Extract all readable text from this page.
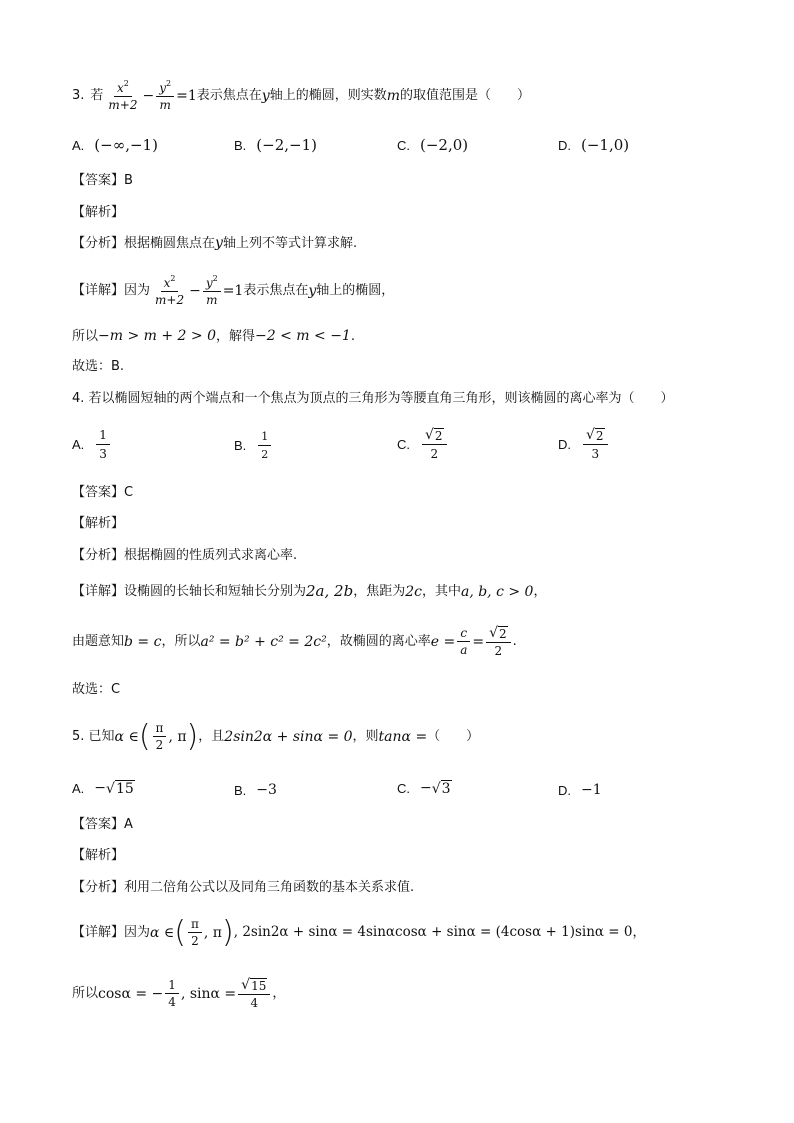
3. 若 $\frac{x^2}{m+2} - \frac{y^2}{m} =1$ 表示焦点在 y 轴上的椭圆，则实数 m 的取值范围是（　　）
A. (−∞,−1)	B. (−2,−1)	C. (−2,0)	D. (−1,0)
【答案】B
【解析】
【分析】根据椭圆焦点在 y 轴上列不等式计算求解.
【详解】因为 $\frac{x^2}{m+2} - \frac{y^2}{m} =1$ 表示焦点在 y 轴上的椭圆，
所以 −m > m + 2 > 0 ，解得 −2 < m < −1 .
故选：B.
4. 若以椭圆短轴的两个端点和一个焦点为顶点的三角形为等腰直角三角形，则该椭圆的离心率为（　　）
A. $\frac{1}{3}$	B. $\frac{1}{2}$	C. $\frac{√ 2}{2}$	D. $\frac{√ 2}{3}$
【答案】C
【解析】
【分析】根据椭圆的性质列式求离心率.
【详解】设椭圆的长轴长和短轴长分别为 2a, 2b ，焦距为 2c ，其中 a, b, c > 0 ，
由题意知 b = c ，所以 a² = b² + c² = 2c² ，故椭圆的离心率 $e = \frac{c}{a} = \frac{√ 2}{2}$ .
故选：C
5. 已知 α ∈ ( $\frac{\pi}{2}$ , π ) ，且 2sin2α + sinα = 0 ，则 tanα = （　　）
A. − √ 15	B. −3	C. − √ 3	D. −1
【答案】A
【解析】
【分析】利用二倍角公式以及同角三角函数的基本关系求值.
【详解】因为 α ∈ ( $\frac{\pi}{2}$ , π ) , 2sin2α + sinα = 4sinαcosα + sinα = (4cosα + 1)sinα = 0 ，
所以 cosα = − $\frac{1}{4}$ , $\sin\alpha = \frac{√ 15}{4}$ ，
